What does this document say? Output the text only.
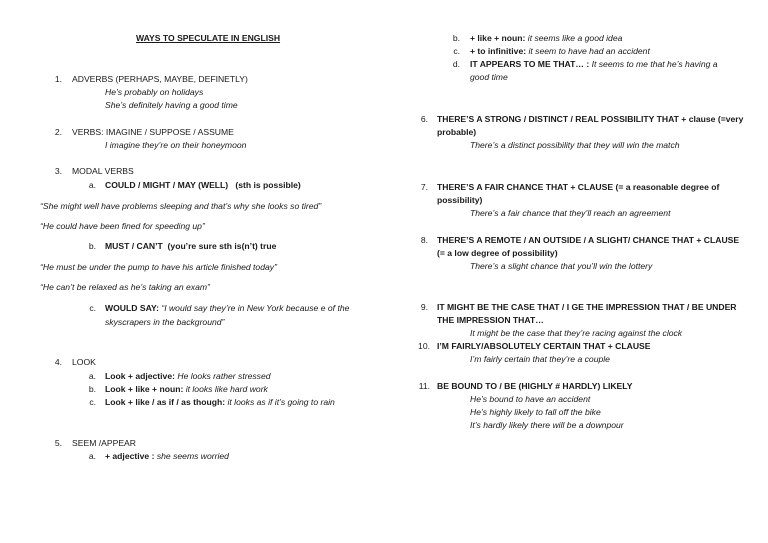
WAYS TO SPECULATE IN ENGLISH
1. ADVERBS (PERHAPS, MAYBE, DEFINETLY)
He’s probably on holidays
She’s definitely having a good time
2. VERBS: IMAGINE / SUPPOSE / ASSUME
I imagine they’re on their honeymoon
3. MODAL VERBS
a. COULD / MIGHT / MAY (WELL) (sth is possible)
“She might well have problems sleeping and that’s why she looks so tired”
“He could have been fined for speeding up”
b. MUST / CAN’T (you’re sure sth is(n’t) true
“He must be under the pump to have his article finished today”
“He can’t be relaxed as he’s taking an exam”
c. WOULD SAY: “I would say they’re in New York because e of the
skyscrapers in the background”
4. LOOK
a. Look + adjective: He looks rather stressed
b. Look + like + noun: it looks like hard work
c. Look + like / as if / as though: it looks as if it’s going to rain
5. SEEM /APPEAR
a. + adjective : she seems worried
b. + like + noun: it seems like a good idea
c. + to infinitive: it seem to have had an accident
d. IT APPEARS TO ME THAT… : It seems to me that he’s having a
good time
6. THERE’S A STRONG / DISTINCT / REAL POSSIBILITY THAT + clause (=very
probable)
There’s a distinct possibility that they will win the match
7. THERE’S A FAIR CHANCE THAT + CLAUSE (= a reasonable degree of
possibility)
There’s a fair chance that they’ll reach an agreement
8. THERE’S A REMOTE / AN OUTSIDE / A SLIGHT/ CHANCE THAT + CLAUSE
(= a low degree of possibility)
There’s a slight chance that you’ll win the lottery
9. IT MIGHT BE THE CASE THAT / I GE THE IMPRESSION THAT / BE UNDER
THE IMPRESSION THAT…
It might be the case that they’re racing against the clock
10. I’M FAIRLY/ABSOLUTELY CERTAIN THAT + CLAUSE
I’m fairly certain that they’re a couple
11. BE BOUND TO / BE (HIGHLY # HARDLY) LIKELY
He’s bound to have an accident
He’s highly likely to fall off the bike
It’s hardly likely there will be a downpour
